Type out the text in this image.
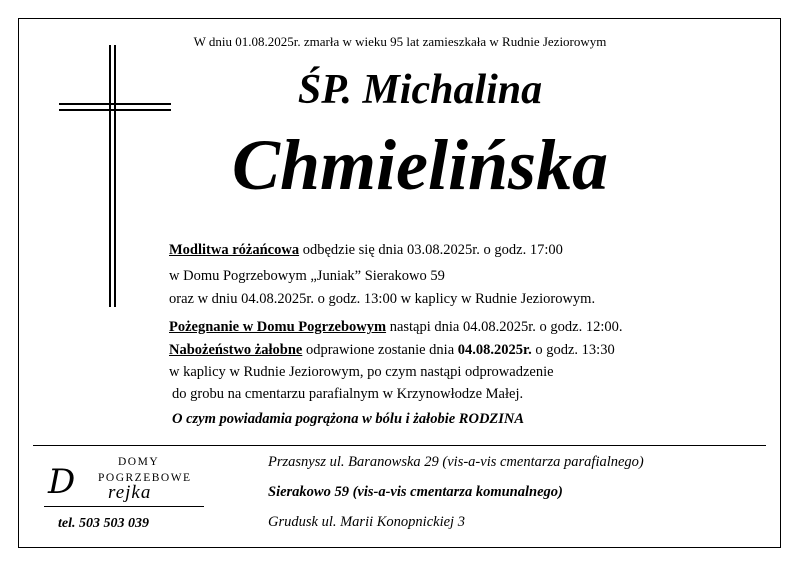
W dniu 01.08.2025r. zmarła w wieku 95 lat zamieszkała w Rudnie Jeziorowym
ŚP. Michalina
Chmielińska
Modlitwa różańcowa odbędzie się dnia 03.08.2025r. o godz. 17:00
w Domu Pogrzebowym „Juniak” Sierakowo 59
oraz w dniu 04.08.2025r. o godz. 13:00 w kaplicy w Rudnie Jeziorowym.
Pożegnanie w Domu Pogrzebowym nastąpi dnia 04.08.2025r. o godz. 12:00.
Nabożeństwo żałobne odprawione zostanie dnia 04.08.2025r. o godz. 13:30
w kaplicy w Rudnie Jeziorowym, po czym nastąpi odprowadzenie
do grobu na cmentarzu parafialnym w Krzynowłodze Małej.
O czym powiadamia pogrążona w bólu i żałobie RODZINA
DOMY
POGRZEBOWE
D rejka
tel. 503 503 039
Przasnysz ul. Baranowska 29 (vis-a-vis cmentarza parafialnego)
Sierakowo 59 (vis-a-vis cmentarza komunalnego)
Grudusk ul. Marii Konopnickiej 3
